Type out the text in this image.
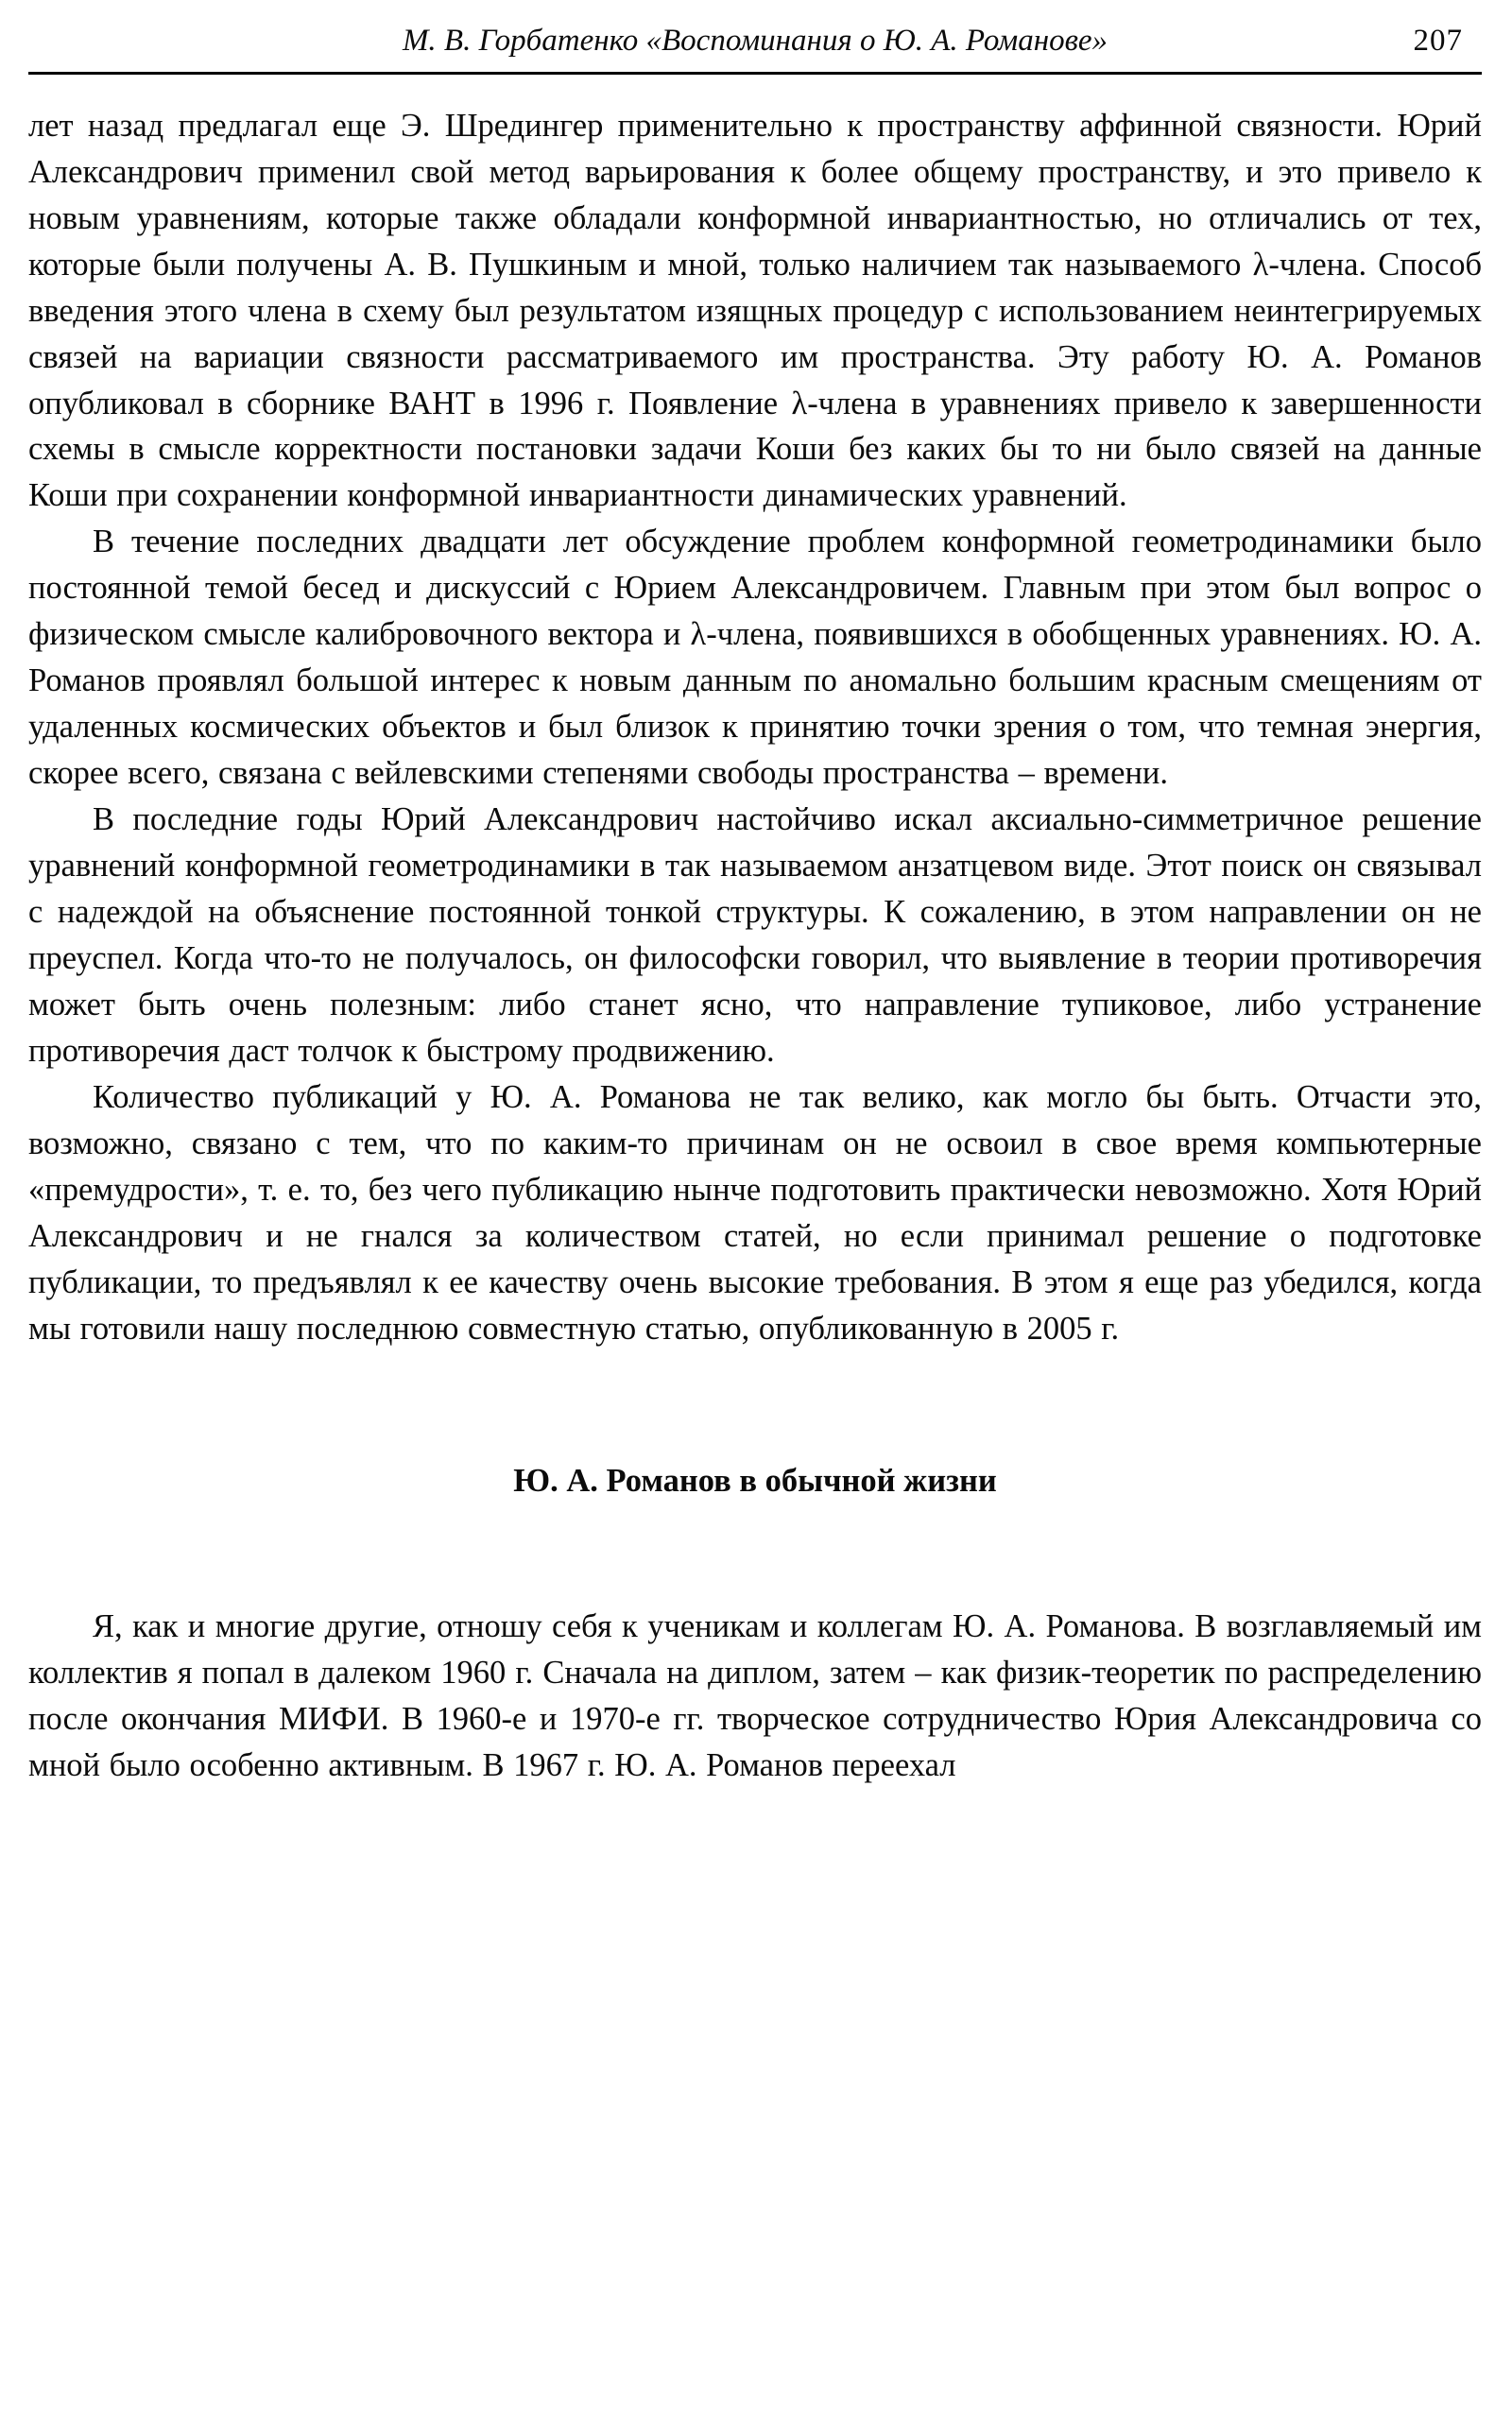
М. В. Горбатенко «Воспоминания о Ю. А. Романове»	207

лет назад предлагал еще Э. Шредингер применительно к пространству аффинной связности. Юрий Александрович применил свой метод варьирования к более общему пространству, и это привело к новым уравнениям, которые также обладали конформной инвариантностью, но отличались от тех, которые были получены А. В. Пушкиным и мной, только наличием так называемого λ-члена. Способ введения этого члена в схему был результатом изящных процедур с использованием неинтегрируемых связей на вариации связности рассматриваемого им пространства. Эту работу Ю. А. Романов опубликовал в сборнике ВАНТ в 1996 г. Появление λ-члена в уравнениях привело к завершенности схемы в смысле корректности постановки задачи Коши без каких бы то ни было связей на данные Коши при сохранении конформной инвариантности динамических уравнений.

В течение последних двадцати лет обсуждение проблем конформной геометродинамики было постоянной темой бесед и дискуссий с Юрием Александровичем. Главным при этом был вопрос о физическом смысле калибровочного вектора и λ-члена, появившихся в обобщенных уравнениях. Ю. А. Романов проявлял большой интерес к новым данным по аномально большим красным смещениям от удаленных космических объектов и был близок к принятию точки зрения о том, что темная энергия, скорее всего, связана с вейлевскими степенями свободы пространства – времени.

В последние годы Юрий Александрович настойчиво искал аксиально-симметричное решение уравнений конформной геометродинамики в так называемом анзатцевом виде. Этот поиск он связывал с надеждой на объяснение постоянной тонкой структуры. К сожалению, в этом направлении он не преуспел. Когда что-то не получалось, он философски говорил, что выявление в теории противоречия может быть очень полезным: либо станет ясно, что направление тупиковое, либо устранение противоречия даст толчок к быстрому продвижению.

Количество публикаций у Ю. А. Романова не так велико, как могло бы быть. Отчасти это, возможно, связано с тем, что по каким-то причинам он не освоил в свое время компьютерные «премудрости», т. е. то, без чего публикацию нынче подготовить практически невозможно. Хотя Юрий Александрович и не гнался за количеством статей, но если принимал решение о подготовке публикации, то предъявлял к ее качеству очень высокие требования. В этом я еще раз убедился, когда мы готовили нашу последнюю совместную статью, опубликованную в 2005 г.

Ю. А. Романов в обычной жизни

Я, как и многие другие, отношу себя к ученикам и коллегам Ю. А. Романова. В возглавляемый им коллектив я попал в далеком 1960 г. Сначала на диплом, затем – как физик-теоретик по распределению после окончания МИФИ. В 1960-е и 1970-е гг. творческое сотрудничество Юрия Александровича со мной было особенно активным. В 1967 г. Ю. А. Романов переехал
